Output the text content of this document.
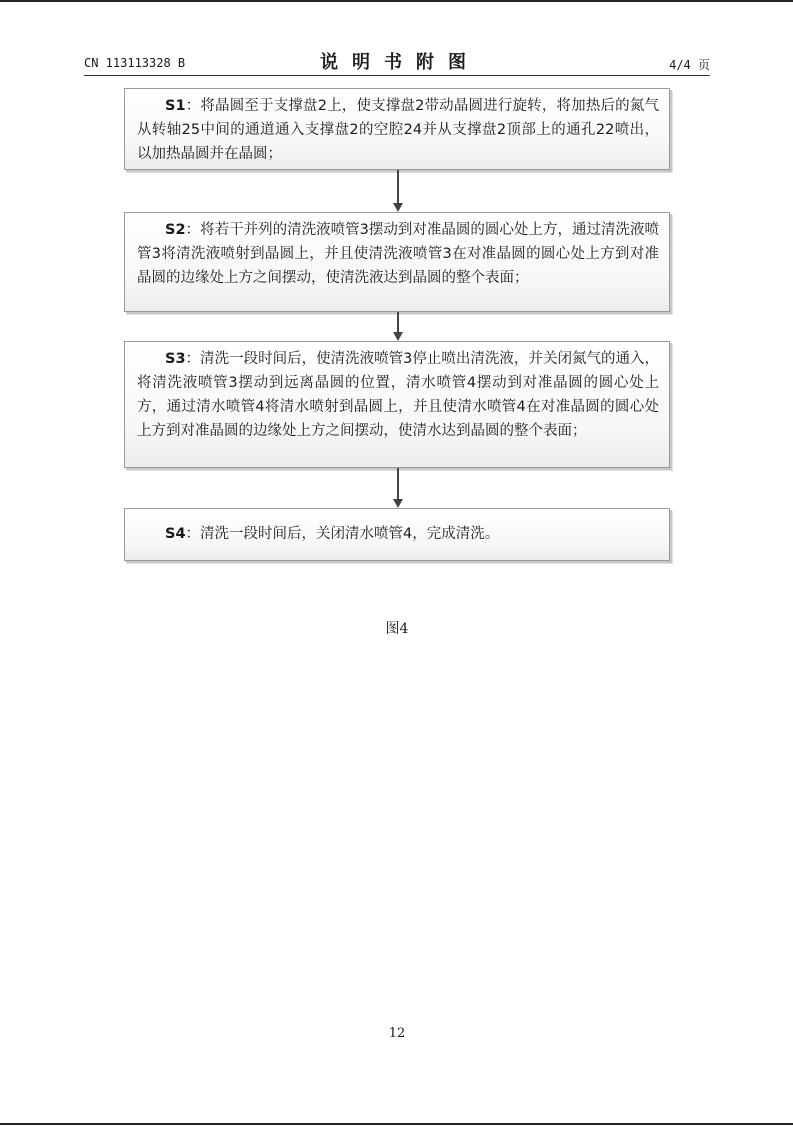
CN 113113328 B	说明书附图	4/4 页
S1：将晶圆至于支撑盘2上，使支撑盘2带动晶圆进行旋转，将加热后的氮气从转轴25中间的通道通入支撑盘2的空腔24并从支撑盘2顶部上的通孔22喷出，以加热晶圆并在晶圆；
S2：将若干并列的清洗液喷管3摆动到对准晶圆的圆心处上方，通过清洗液喷管3将清洗液喷射到晶圆上，并且使清洗液喷管3在对准晶圆的圆心处上方到对准晶圆的边缘处上方之间摆动，使清洗液达到晶圆的整个表面；
S3：清洗一段时间后，使清洗液喷管3停止喷出清洗液，并关闭氮气的通入，将清洗液喷管3摆动到远离晶圆的位置，清水喷管4摆动到对准晶圆的圆心处上方，通过清水喷管4将清水喷射到晶圆上，并且使清水喷管4在对准晶圆的圆心处上方到对准晶圆的边缘处上方之间摆动，使清水达到晶圆的整个表面；
S4：清洗一段时间后，关闭清水喷管4，完成清洗。
图4
12
